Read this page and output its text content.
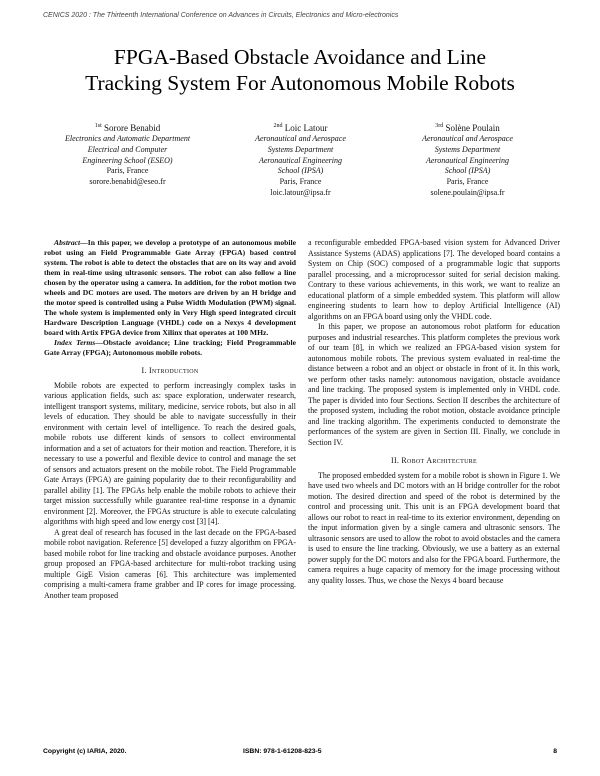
CENICS 2020 : The Thirteenth International Conference on Advances in Circuits, Electronics and Micro-electronics
FPGA-Based Obstacle Avoidance and Line
Tracking System For Autonomous Mobile Robots
$^{1st}$ Sorore Benabid
Electronics and Automatic Department
Electrical and Computer
Engineering School (ESEO)
Paris, France
sorore.benabid@eseo.fr
$^{2nd}$ Loic Latour
Aeronautical and Aerospace
Systems Department
Aeronautical Engineering
School (IPSA)
Paris, France
loic.latour@ipsa.fr
$^{3rd}$ Solène Poulain
Aeronautical and Aerospace
Systems Department
Aeronautical Engineering
School (IPSA)
Paris, France
solene.poulain@ipsa.fr

Abstract—In this paper, we develop a prototype of an autonomous mobile robot using an Field Programmable Gate Array (FPGA) based control system. The robot is able to detect the obstacles that are on its way and avoid them in real-time using ultrasonic sensors. The robot can also follow a line chosen by the operator using a camera. In addition, for the robot motion two wheels and DC motors are used. The motors are driven by an H bridge and the motor speed is controlled using a Pulse Width Modulation (PWM) signal. The whole system is implemented only in Very High speed integrated circuit Hardware Description Language (VHDL) code on a Nexys 4 development board with Artix FPGA device from Xilinx that operates at 100 MHz.

Index Terms—Obstacle avoidance; Line tracking; Field Programmable Gate Array (FPGA); Autonomous mobile robots.

I. Introduction

Mobile robots are expected to perform increasingly complex tasks in various application fields, such as: space exploration, underwater research, intelligent transport systems, military, medicine, service robots, but also in all levels of education. They should be able to navigate successfully in their environment with certain level of intelligence. To reach the desired goals, mobile robots use different kinds of sensors to collect environmental information and a set of actuators for their motion and reaction. Therefore, it is necessary to use a powerful and flexible device to control and manage the set of sensors and actuators present on the mobile robot. The Field Programmable Gate Arrays (FPGA) are gaining popularity due to their reconfigurability and parallel ability [1]. The FPGAs help enable the mobile robots to achieve their target mission successfully while guarantee real-time response in a dynamic environment [2]. Moreover, the FPGAs structure is able to execute calculating algorithms with high speed and low energy cost [3] [4].

A great deal of research has focused in the last decade on the FPGA-based mobile robot navigation. Reference [5] developed a fuzzy algorithm on FPGA-based mobile robot for line tracking and obstacle avoidance purposes. Another group proposed an FPGA-based architecture for multi-robot tracking using multiple GigE Vision cameras [6]. This architecture was implemented comprising a multi-camera frame grabber and IP cores for image processing. Another team proposed

a reconfigurable embedded FPGA-based vision system for Advanced Driver Assistance Systems (ADAS) applications [7]. The developed board contains a System on Chip (SOC) composed of a programmable logic that supports parallel processing, and a microprocessor suited for serial decision making. Contrary to these various achievements, in this work, we want to realize an educational platform of a simple embedded system. This platform will allow engineering students to learn how to deploy Artificial Intelligence (AI) algorithms on an FPGA board using only the VHDL code.

In this paper, we propose an autonomous robot platform for education purposes and industrial researches. This platform completes the previous work of our team [8], in which we realized an FPGA-based vision system for autonomous mobile robots. The previous system evaluated in real-time the distance between a robot and an object or obstacle in front of it. In this work, we perform other tasks namely: autonomous navigation, obstacle avoidance and line tracking. The proposed system is implemented only in VHDL code. The paper is divided into four Sections. Section II describes the architecture of the proposed system, including the robot motion, obstacle avoidance principle and line tracking algorithm. The experiments conducted to demonstrate the performances of the system are given in Section III. Finally, we conclude in Section IV.

II. Robot Architecture

The proposed embedded system for a mobile robot is shown in Figure 1. We have used two wheels and DC motors with an H bridge controller for the robot motion. The desired direction and speed of the robot is determined by the control and processing unit. This unit is an FPGA development board that allows our robot to react in real-time to its exterior environment, depending on the input information given by a single camera and ultrasonic sensors. The ultrasonic sensors are used to allow the robot to avoid obstacles and the camera is used to ensure the line tracking. Obviously, we use a battery as an external power supply for the DC motors and also for the FPGA board. Furthermore, the camera requires a huge capacity of memory for the image processing without any quality losses. Thus, we chose the Nexys 4 board because

Copyright (c) IARIA, 2020.	ISBN: 978-1-61208-823-5	8
